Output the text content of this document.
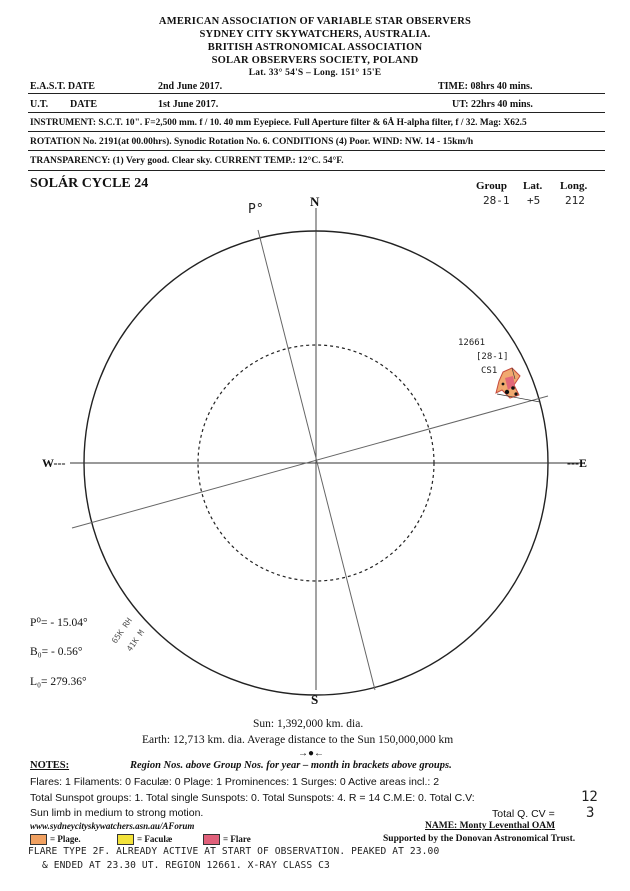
AMERICAN ASSOCIATION OF VARIABLE STAR OBSERVERS
SYDNEY CITY SKYWATCHERS, AUSTRALIA.
BRITISH ASTRONOMICAL ASSOCIATION
SOLAR OBSERVERS SOCIETY, POLAND
Lat. 33° 54'S – Long. 151° 15'E
E.A.S.T. DATE	2nd June 2017.	TIME: 08hrs 40 mins.
U.T. DATE	1st June 2017.	UT: 22hrs 40 mins.
INSTRUMENT: S.C.T. 10". F=2,500 mm. f / 10. 40 mm Eyepiece. Full Aperture filter & 6Å H-alpha filter, f / 32. Mag: X62.5
ROTATION No. 2191(at 00.00hrs). Synodic Rotation No. 6. CONDITIONS (4) Poor. WIND: NW. 14 - 15km/h
TRANSPARENCY: (1) Very good. Clear sky. CURRENT TEMP.: 12°C. 54°F.
SOLÁR CYCLE 24	Group Lat. Long.
28-1 +5 212
N
S
W---	---E
P°
12661
[28-1]
CS1
65K RH
41K M
P⁰= - 15.04°
B₀= - 0.56°
L₀= 279.36°
Sun: 1,392,000 km. dia.
Earth: 12,713 km. dia. Average distance to the Sun 150,000,000 km
→●←
NOTES:	Region Nos. above Group Nos. for year – month in brackets above groups.
Flares: 1 Filaments: 0 Faculæ: 0 Plage: 1 Prominences: 1 Surges: 0 Active areas incl.: 2
Total Sunspot groups: 1. Total single Sunspots: 0. Total Sunspots: 4. R = 14 C.M.E: 0. Total C.V:	12
Sun limb in medium to strong motion.	Total Q. CV = 3
www.sydneycityskywatchers.asn.au/AForum	NAME: Monty Leventhal OAM
= Plage.	= Faculæ	= Flare	Supported by the Donovan Astronomical Trust.
FLARE TYPE 2F. ALREADY ACTIVE AT START OF OBSERVATION. PEAKED AT 23.00
& ENDED AT 23.30 UT. REGION 12661. X-RAY CLASS C3
